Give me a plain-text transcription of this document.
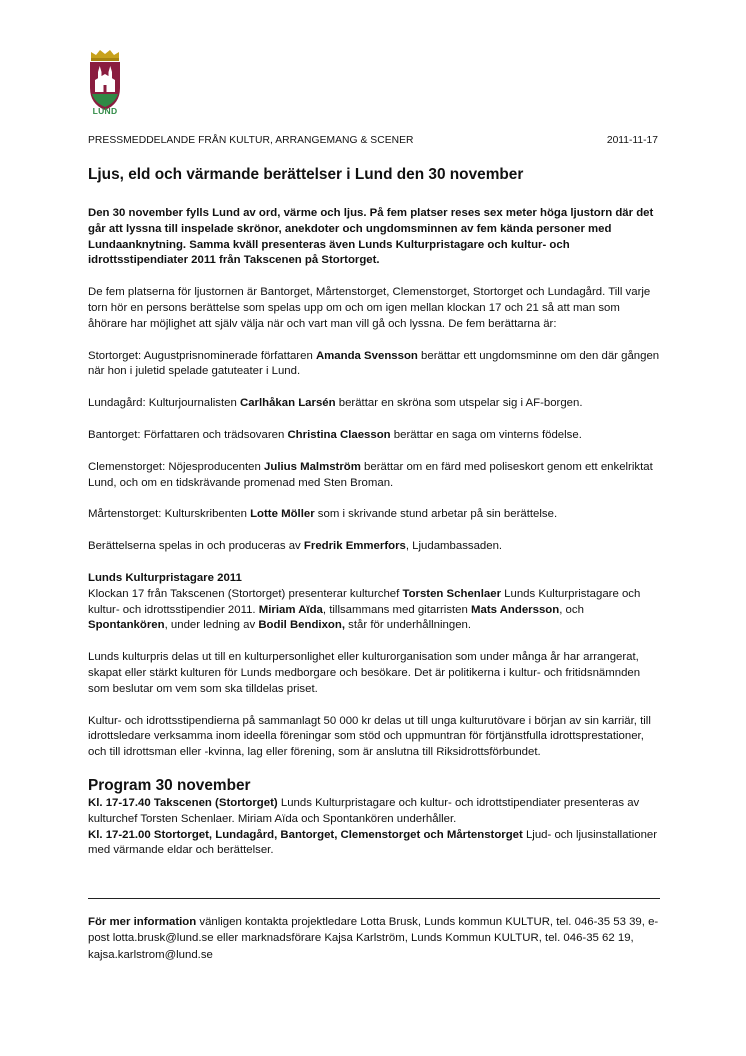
LUND
PRESSMEDDELANDE FRÅN KULTUR, ARRANGEMANG & SCENER	2011-11-17
Ljus, eld och värmande berättelser i Lund den 30 november

Den 30 november fylls Lund av ord, värme och ljus. På fem platser reses sex meter höga ljustorn där det går att lyssna till inspelade skrönor, anekdoter och ungdomsminnen av fem kända personer med Lundaanknytning. Samma kväll presenteras även Lunds Kulturpristagare och kultur- och idrottsstipendiater 2011 från Takscenen på Stortorget.

De fem platserna för ljustornen är Bantorget, Mårtenstorget, Clemenstorget, Stortorget och Lundagård. Till varje torn hör en persons berättelse som spelas upp om och om igen mellan klockan 17 och 21 så att man som åhörare har möjlighet att själv välja när och vart man vill gå och lyssna. De fem berättarna är:

Stortorget: Augustprisnominerade författaren Amanda Svensson berättar ett ungdomsminne om den där gången när hon i juletid spelade gatuteater i Lund.

Lundagård: Kulturjournalisten Carlhåkan Larsén berättar en skröna som utspelar sig i AF-borgen.

Bantorget: Författaren och trädsovaren Christina Claesson berättar en saga om vinterns födelse.

Clemenstorget: Nöjesproducenten Julius Malmström berättar om en färd med poliseskort genom ett enkelriktat Lund, och om en tidskrävande promenad med Sten Broman.

Mårtenstorget: Kulturskribenten Lotte Möller som i skrivande stund arbetar på sin berättelse.

Berättelserna spelas in och produceras av Fredrik Emmerfors, Ljudambassaden.

Lunds Kulturpristagare 2011
Klockan 17 från Takscenen (Stortorget) presenterar kulturchef Torsten Schenlaer Lunds Kulturpristagare och kultur- och idrottsstipendier 2011. Miriam Aïda, tillsammans med gitarristen Mats Andersson, och Spontankören, under ledning av Bodil Bendixon, står för underhållningen.

Lunds kulturpris delas ut till en kulturpersonlighet eller kulturorganisation som under många år har arrangerat, skapat eller stärkt kulturen för Lunds medborgare och besökare. Det är politikerna i kultur- och fritidsnämnden som beslutar om vem som ska tilldelas priset.

Kultur- och idrottsstipendierna på sammanlagt 50 000 kr delas ut till unga kulturutövare i början av sin karriär, till idrottsledare verksamma inom ideella föreningar som stöd och uppmuntran för förtjänstfulla idrottsprestationer, och till idrottsman eller -kvinna, lag eller förening, som är anslutna till Riksidrottsförbundet.

Program 30 november

Kl. 17-17.40 Takscenen (Stortorget) Lunds Kulturpristagare och kultur- och idrottstipendiater presenteras av kulturchef Torsten Schenlaer. Miriam Aïda och Spontankören underhåller.

Kl. 17-21.00 Stortorget, Lundagård, Bantorget, Clemenstorget och Mårtenstorget Ljud- och ljusinstallationer med värmande eldar och berättelser.

För mer information vänligen kontakta projektledare Lotta Brusk, Lunds kommun KULTUR, tel. 046-35 53 39, e-post lotta.brusk@lund.se eller marknadsförare Kajsa Karlström, Lunds Kommun KULTUR, tel. 046-35 62 19, kajsa.karlstrom@lund.se
